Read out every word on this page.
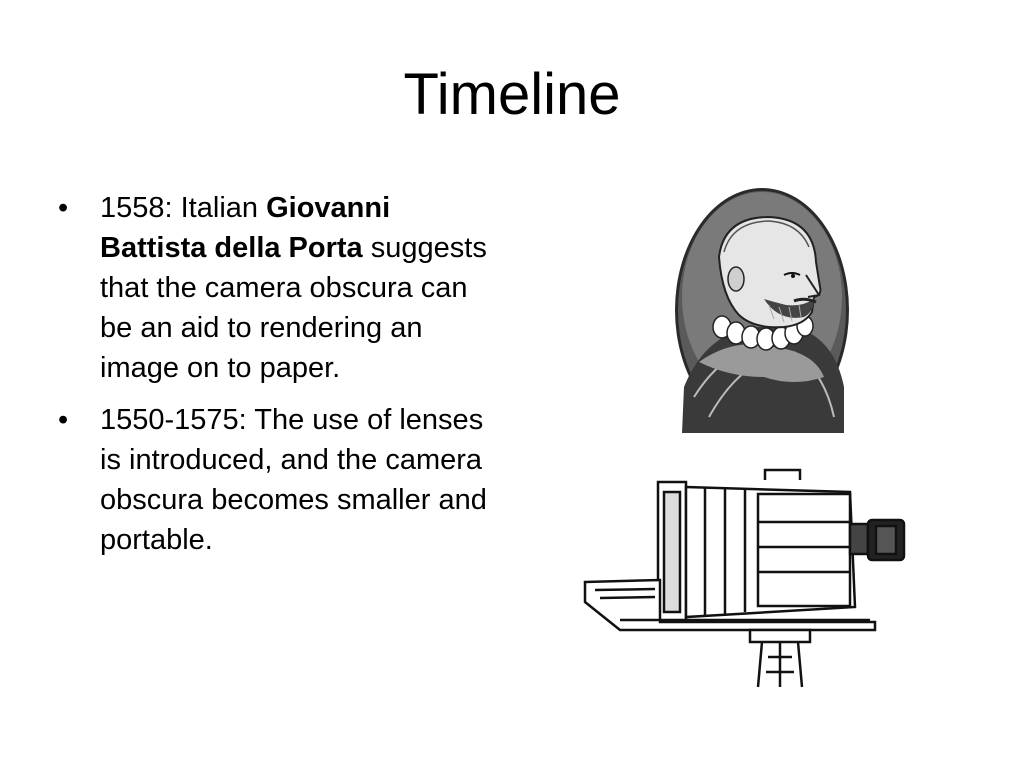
Timeline
• 1558: Italian Giovanni Battista della Porta suggests that the camera obscura can be an aid to rendering an image on to paper.
• 1550-1575: The use of lenses is introduced, and the camera obscura becomes smaller and portable.
